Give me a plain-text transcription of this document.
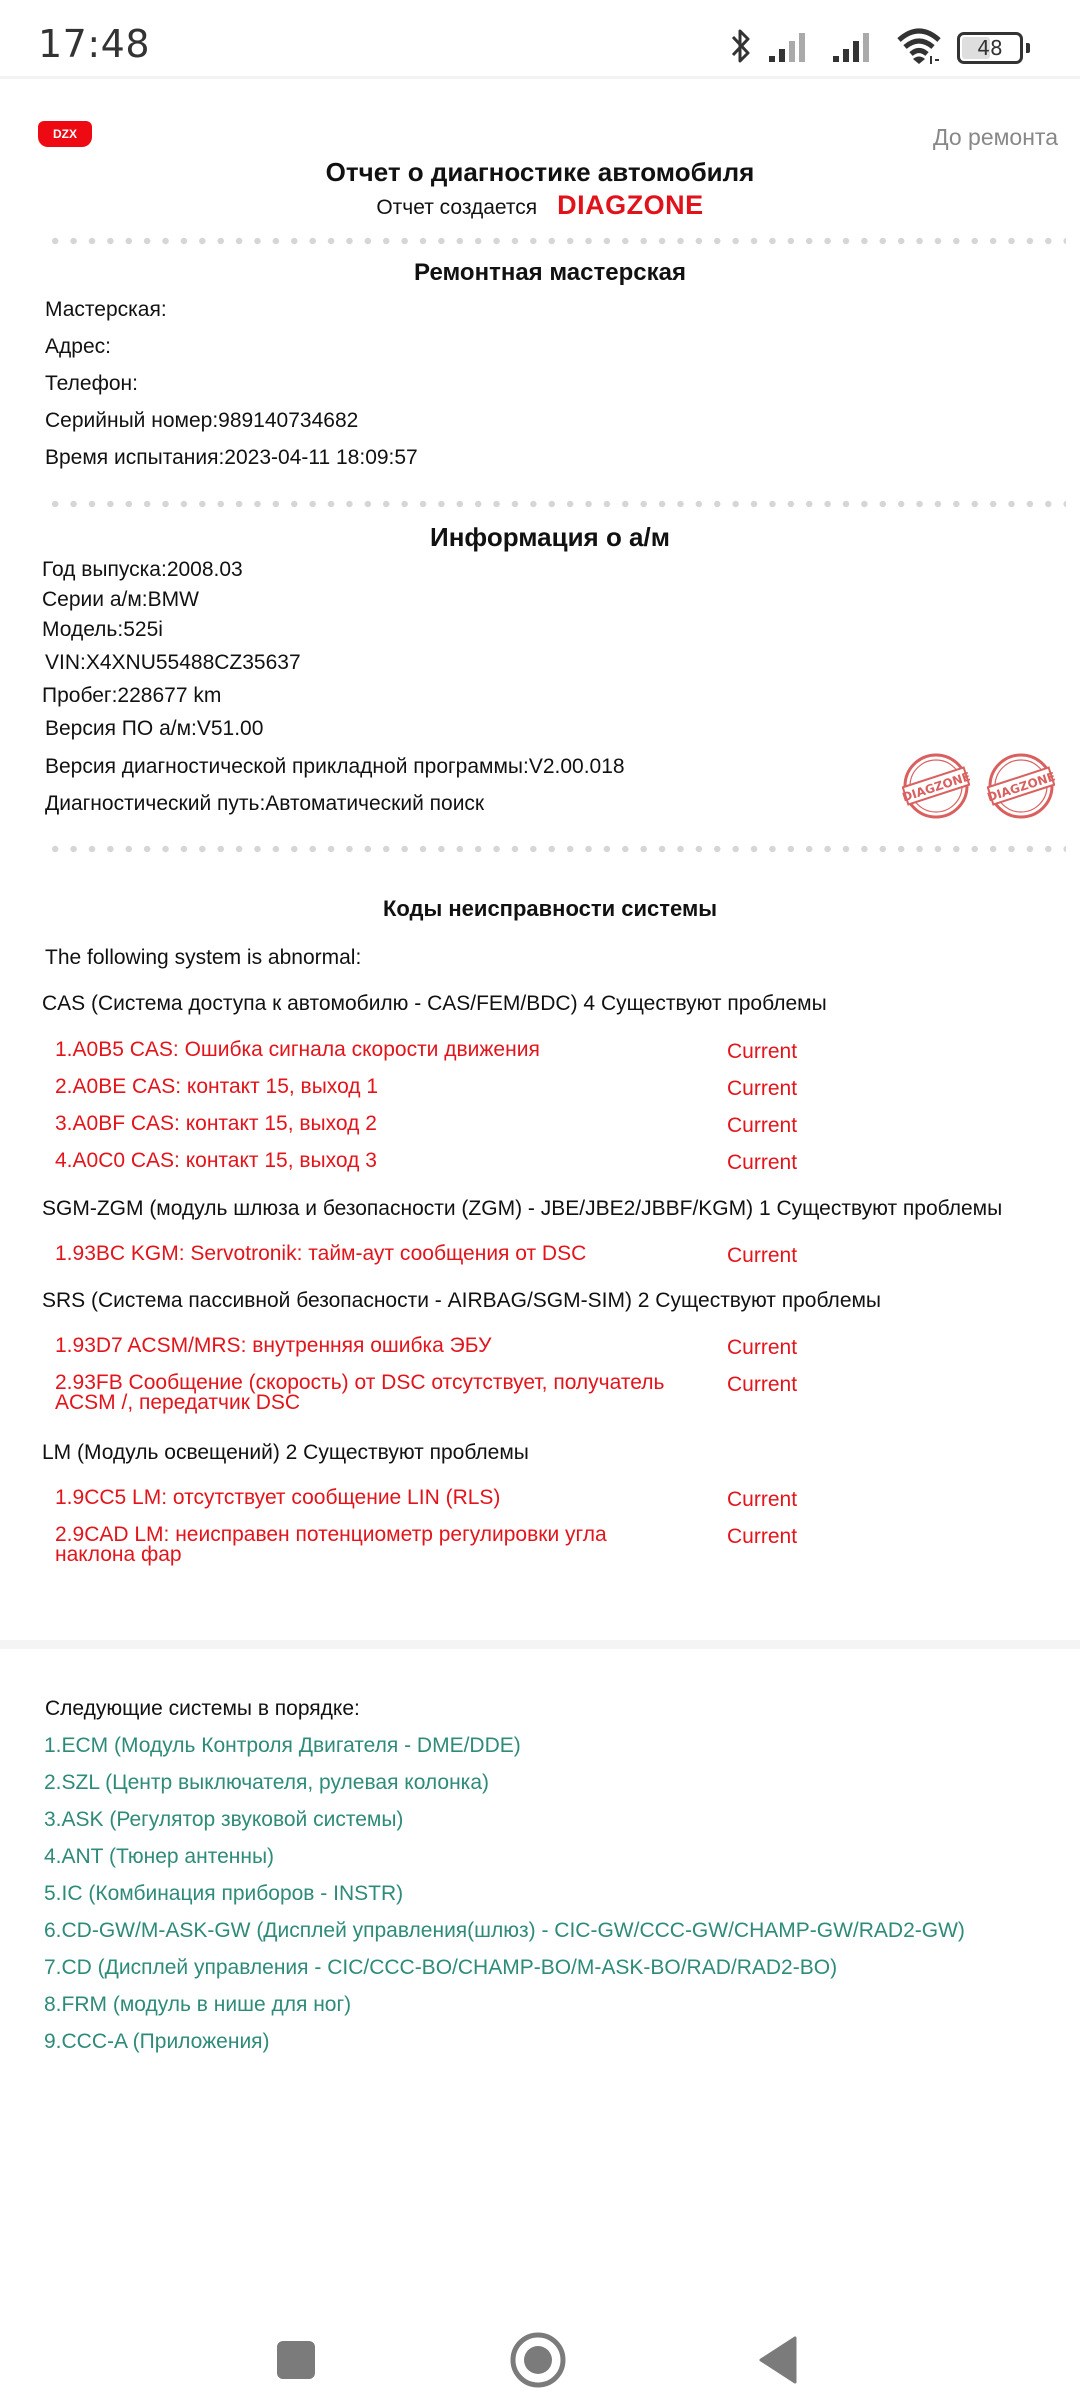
17:48	48
DZX	До ремонта
Отчет о диагностике автомобиля
Отчет создается DIAGZONE
Ремонтная мастерская
Мастерская:
Адрес:
Телефон:
Серийный номер:989140734682
Время испытания:2023-04-11 18:09:57
Информация о а/м
Год выпуска:2008.03
Серии а/м:BMW
Модель:525i
VIN:X4XNU55488CZ35637
Пробег:228677 km
Версия ПО а/м:V51.00
Версия диагностической прикладной программы:V2.00.018
Диагностический путь:Автоматический поиск	DIAGZONE DIAGZONE
Коды неисправности системы
The following system is abnormal:
CAS (Система доступа к автомобилю - CAS/FEM/BDC) 4 Существуют проблемы
1.A0B5 CAS: Ошибка сигнала скорости движения	Current
2.A0BE CAS: контакт 15, выход 1	Current
3.A0BF CAS: контакт 15, выход 2	Current
4.A0C0 CAS: контакт 15, выход 3	Current
SGM-ZGM (модуль шлюза и безопасности (ZGM) - JBE/JBE2/JBBF/KGM) 1 Существуют проблемы
1.93BC KGM: Servotronik: тайм-аут сообщения от DSC	Current
SRS (Система пассивной безопасности - AIRBAG/SGM-SIM) 2 Существуют проблемы
1.93D7 ACSM/MRS: внутренняя ошибка ЭБУ	Current
2.93FB Сообщение (скорость) от DSC отсутствует, получатель ACSM /, передатчик DSC
Current
LM (Модуль освещений) 2 Существуют проблемы
1.9CC5 LM: отсутствует сообщение LIN (RLS)	Current
2.9CAD LM: неисправен потенциометр регулировки угла наклона фар
Current
Следующие системы в порядке:
1.ECM (Модуль Контроля Двигателя - DME/DDE)
2.SZL (Центр выключателя, рулевая колонка)
3.ASK (Регулятор звуковой системы)
4.ANT (Тюнер антенны)
5.IC (Комбинация приборов - INSTR)
6.CD-GW/M-ASK-GW (Дисплей управления(шлюз) - CIC-GW/CCC-GW/CHAMP-GW/RAD2-GW)
7.CD (Дисплей управления - CIC/CCC-BO/CHAMP-BO/M-ASK-BO/RAD/RAD2-BO)
8.FRM (модуль в нише для ног)
9.CCC-A (Приложения)
